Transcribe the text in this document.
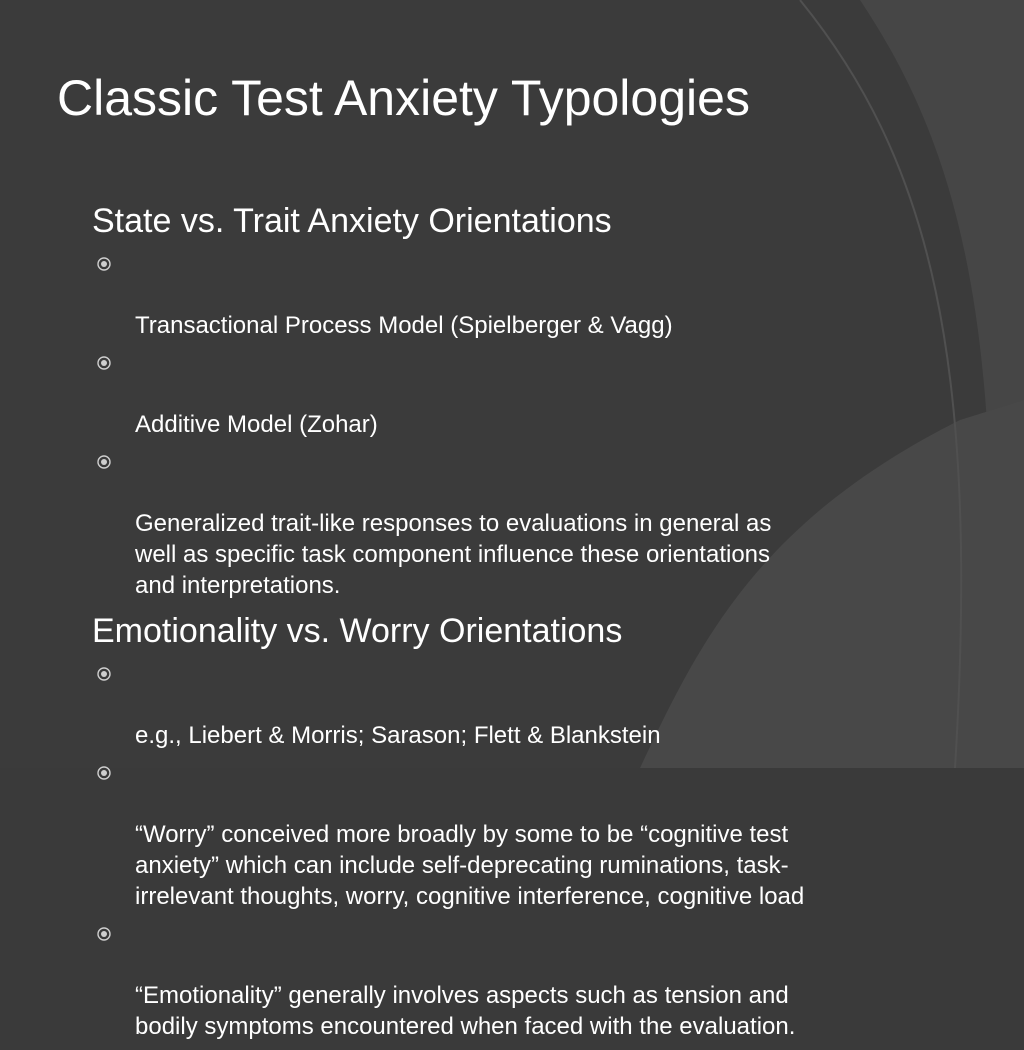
Classic Test Anxiety Typologies
State vs. Trait Anxiety Orientations

Transactional Process Model (Spielberger & Vagg)

Additive Model (Zohar)

Generalized trait-like responses to evaluations in general as
well as specific task component influence these orientations
and interpretations.

Emotionality vs. Worry Orientations

e.g., Liebert & Morris; Sarason; Flett & Blankstein

“Worry” conceived more broadly by some to be “cognitive test
anxiety” which can include self-deprecating ruminations, task-
irrelevant thoughts, worry, cognitive interference, cognitive load

“Emotionality” generally involves aspects such as tension and
bodily symptoms encountered when faced with the evaluation.
